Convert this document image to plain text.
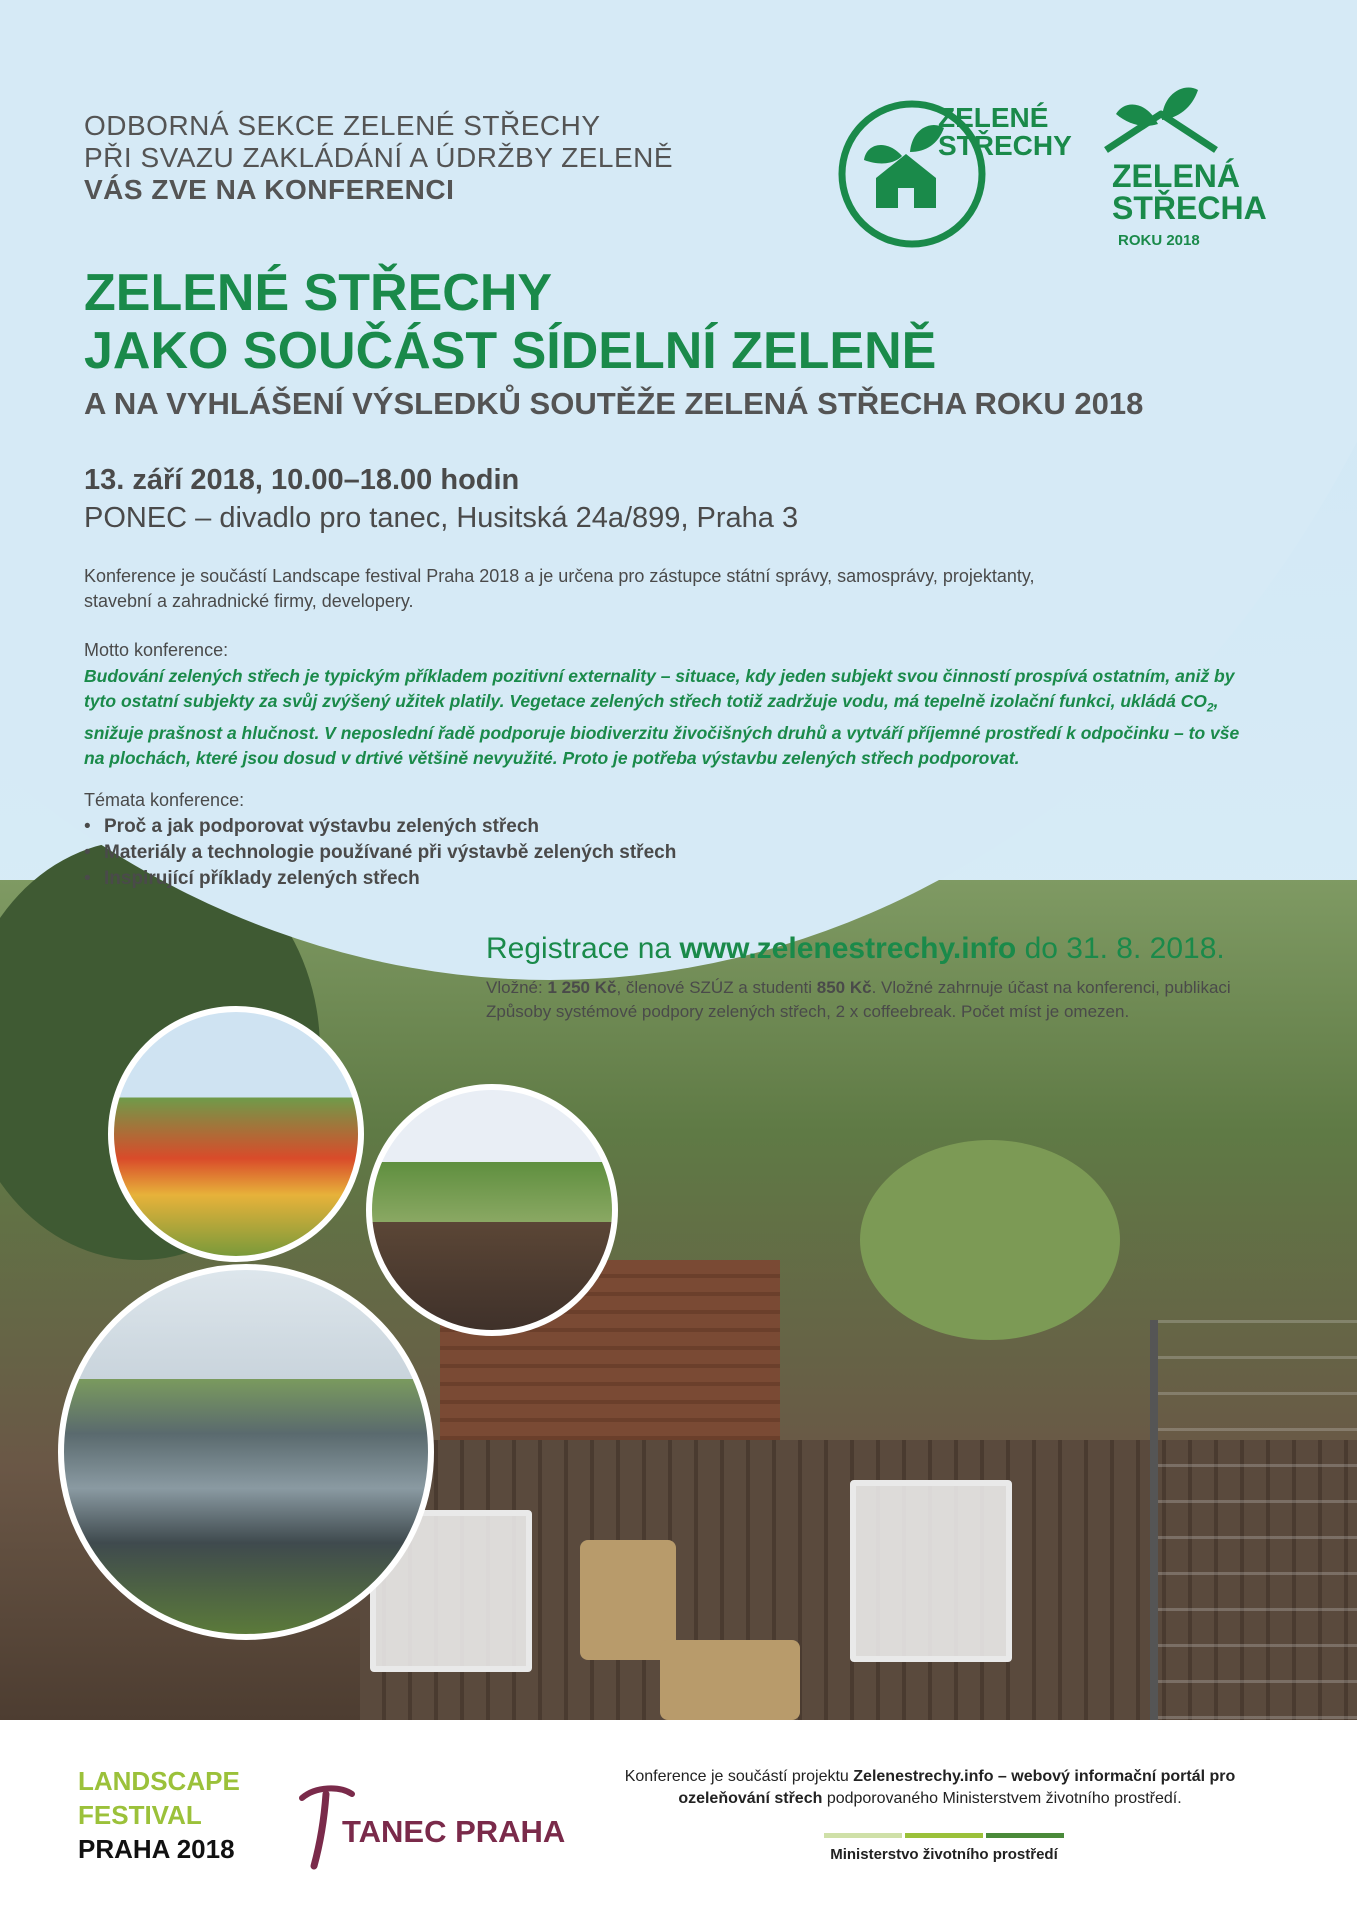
ODBORNÁ SEKCE ZELENÉ STŘECHY
PŘI SVAZU ZAKLÁDÁNÍ A ÚDRŽBY ZELENĚ
VÁS ZVE NA KONFERENCI
ZELENÉ
STŘECHY
ZELENÁ
STŘECHA
ROKU 2018
ZELENÉ STŘECHY
JAKO SOUČÁST SÍDELNÍ ZELENĚ
A NA VYHLÁŠENÍ VÝSLEDKŮ SOUTĚŽE ZELENÁ STŘECHA ROKU 2018
13. září 2018, 10.00–18.00 hodin
PONEC – divadlo pro tanec, Husitská 24a/899, Praha 3
Konference je součástí Landscape festival Praha 2018 a je určena pro zástupce státní správy, samosprávy, projektanty, stavební a zahradnické firmy, developery.
Motto konference:
Budování zelených střech je typickým příkladem pozitivní externality – situace, kdy jeden subjekt svou činností prospívá ostatním, aniž by tyto ostatní subjekty za svůj zvýšený užitek platily. Vegetace zelených střech totiž zadržuje vodu, má tepelně izolační funkci, ukládá $CO_2$, snižuje prašnost a hlučnost. V neposlední řadě podporuje biodiverzitu živočišných druhů a vytváří příjemné prostředí k odpočinku – to vše na plochách, které jsou dosud v drtivé většině nevyužité. Proto je potřeba výstavbu zelených střech podporovat.
Témata konference:
• Proč a jak podporovat výstavbu zelených střech
• Materiály a technologie používané při výstavbě zelených střech
• Inspirující příklady zelených střech
Registrace na www.zelenestrechy.info do 31. 8. 2018.
Vložné: 1 250 Kč, členové SZÚZ a studenti 850 Kč. Vložné zahrnuje účast na konferenci, publikaci Způsoby systémové podpory zelených střech, 2 x coffeebreak. Počet míst je omezen.
LANDSCAPE
FESTIVAL
PRAHA 2018	TANEC PRAHA
Konference je součástí projektu Zelenestrechy.info – webový informační portál pro ozeleňování střech podporovaného Ministerstvem životního prostředí.
Ministerstvo životního prostředí
